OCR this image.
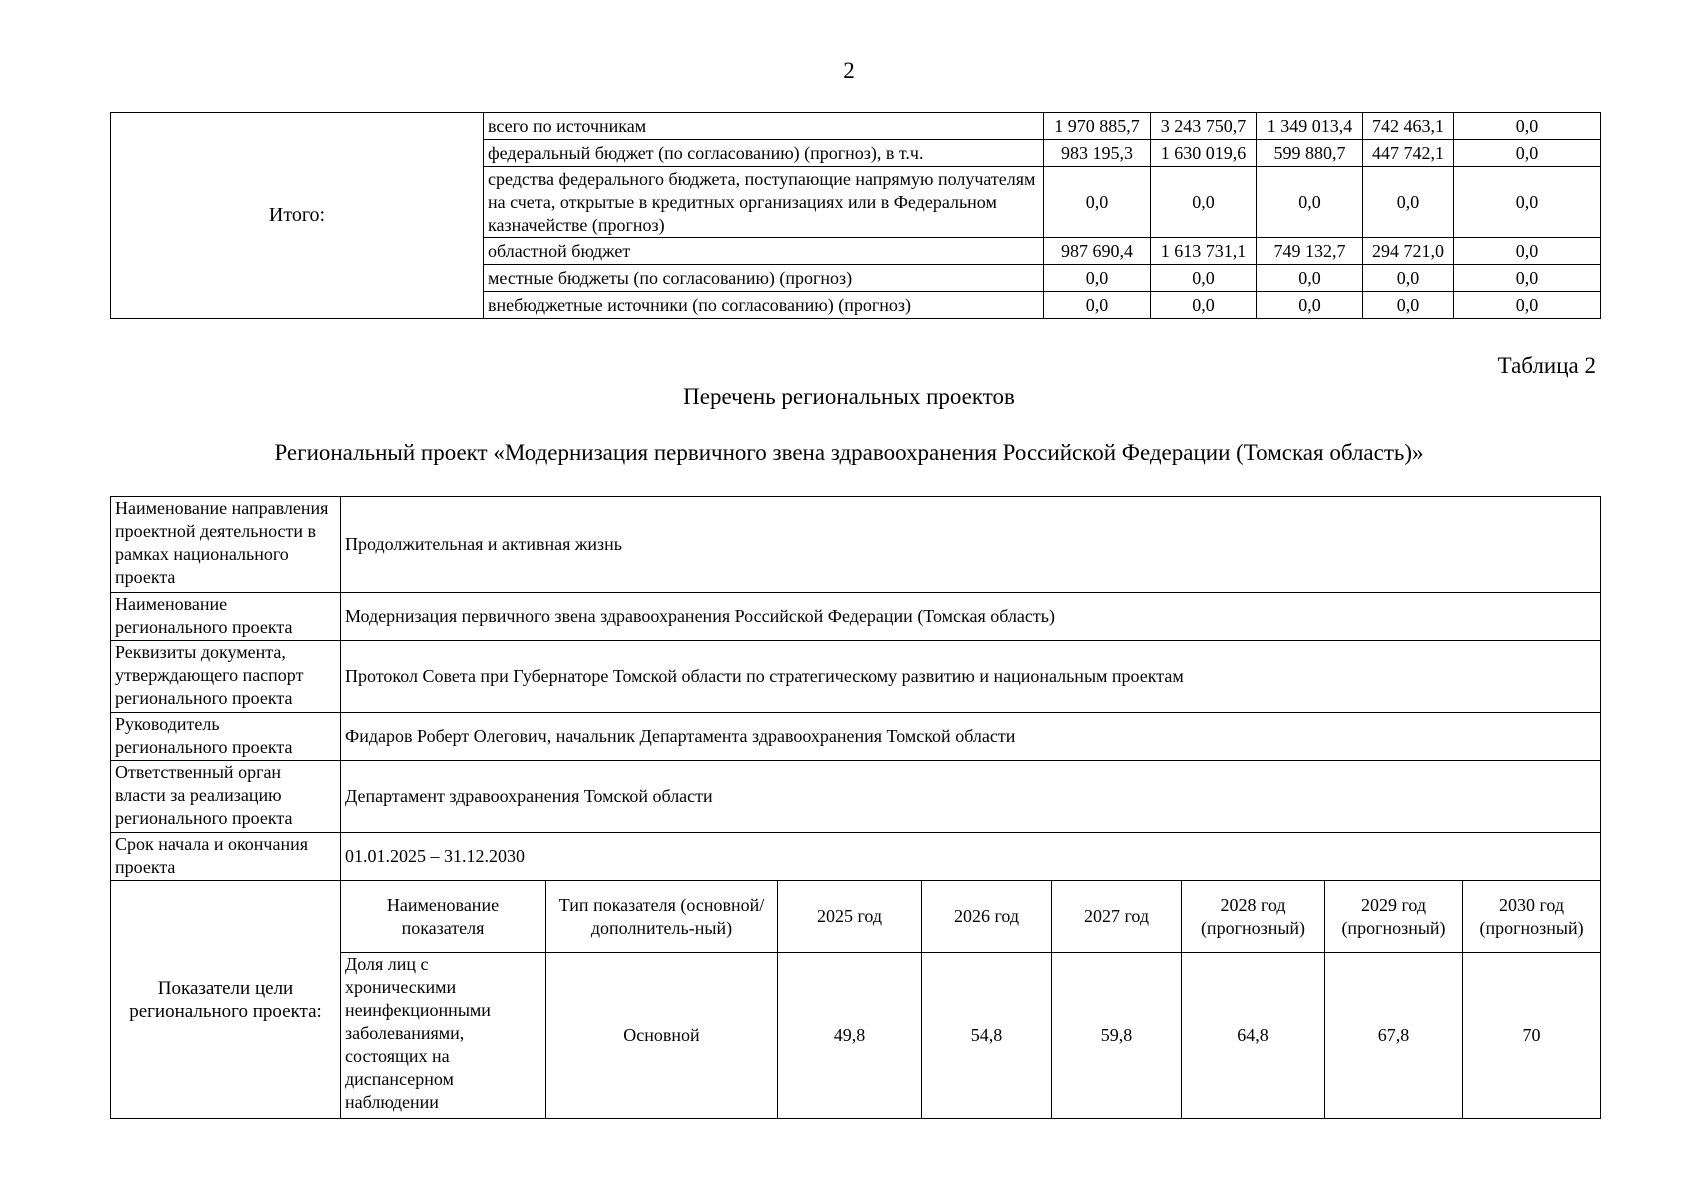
2
Итого:	всего по источникам	1 970 885,7	3 243 750,7	1 349 013,4	742 463,1	0,0
	федеральный бюджет (по согласованию) (прогноз), в т.ч.	983 195,3	1 630 019,6	599 880,7	447 742,1	0,0
	средства федерального бюджета, поступающие напрямую получателям на счета, открытые в кредитных организациях или в Федеральном казначействе (прогноз)	0,0	0,0	0,0	0,0	0,0
	областной бюджет	987 690,4	1 613 731,1	749 132,7	294 721,0	0,0
	местные бюджеты (по согласованию) (прогноз)	0,0	0,0	0,0	0,0	0,0
	внебюджетные источники (по согласованию) (прогноз)	0,0	0,0	0,0	0,0	0,0
Таблица 2
Перечень региональных проектов
Региональный проект «Модернизация первичного звена здравоохранения Российской Федерации (Томская область)»
Наименование направления проектной деятельности в рамках национального проекта	Продолжительная и активная жизнь							
Наименование регионального проекта	Модернизация первичного звена здравоохранения Российской Федерации (Томская область)							
Реквизиты документа, утверждающего паспорт регионального проекта	Протокол Совета при Губернаторе Томской области по стратегическому развитию и национальным проектам							
Руководитель регионального проекта	Фидаров Роберт Олегович, начальник Департамента здравоохранения Томской области							
Ответственный орган власти за реализацию регионального проекта	Департамент здравоохранения Томской области							
Срок начала и окончания проекта	01.01.2025 – 31.12.2030							
Показатели цели регионального проекта:	Наименование показателя	Тип показателя (основной/дополнитель-ный)	2025 год	2026 год	2027 год	2028 год (прогнозный)	2029 год (прогнозный)	2030 год (прогнозный)
	Доля лиц с хроническими неинфекционными заболеваниями, состоящих на диспансерном наблюдении	Основной	49,8	54,8	59,8	64,8	67,8	70
